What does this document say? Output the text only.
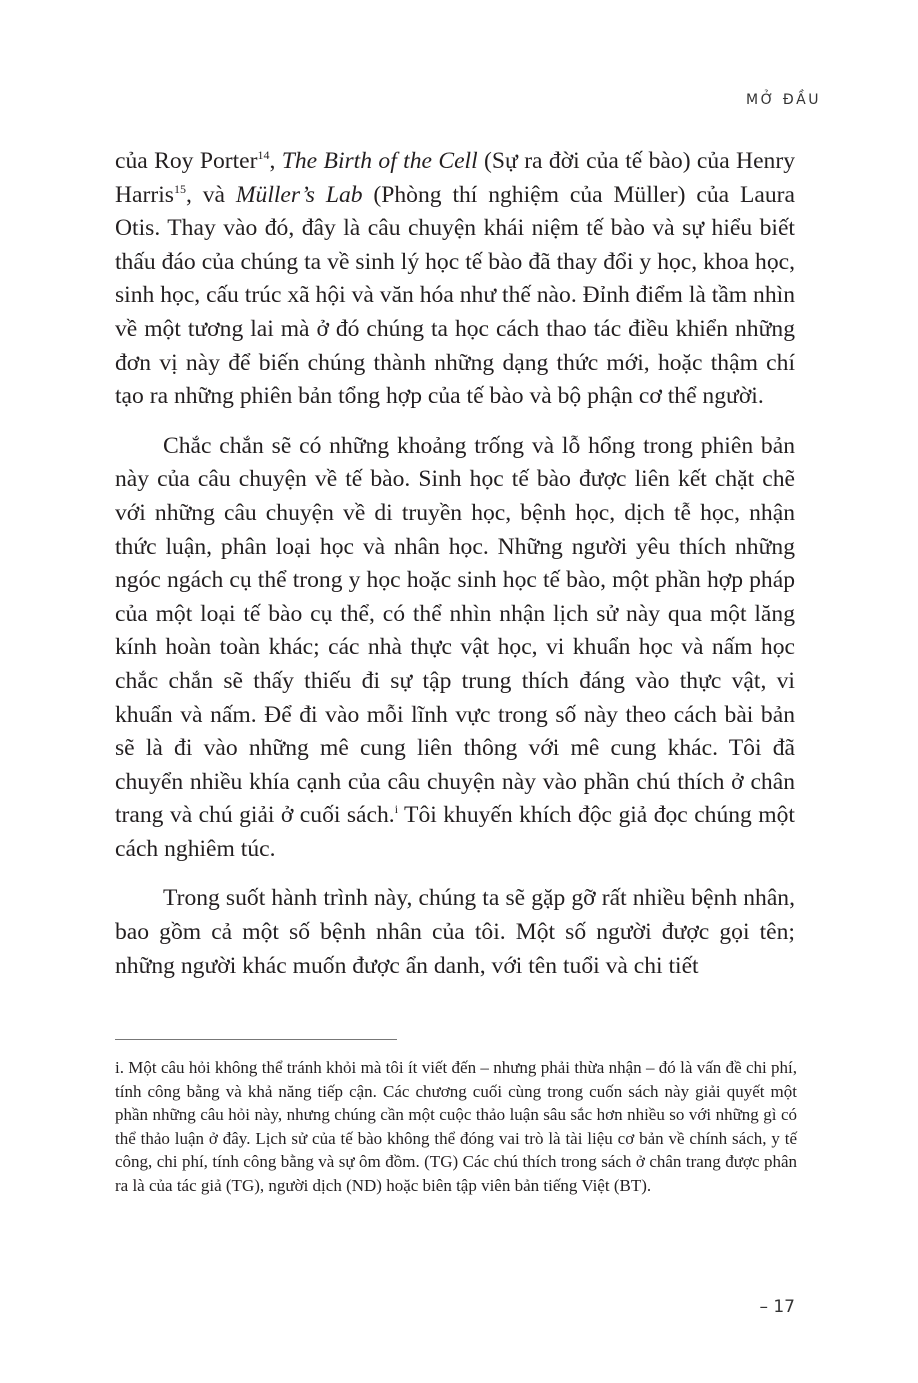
MỞ ĐẦU

của Roy Porter$^{14}$, The Birth of the Cell (Sự ra đời của tế bào) của Henry Harris$^{15}$, và Müller’s Lab (Phòng thí nghiệm của Müller) của Laura Otis. Thay vào đó, đây là câu chuyện khái niệm tế bào và sự hiểu biết thấu đáo của chúng ta về sinh lý học tế bào đã thay đổi y học, khoa học, sinh học, cấu trúc xã hội và văn hóa như thế nào. Đỉnh điểm là tầm nhìn về một tương lai mà ở đó chúng ta học cách thao tác điều khiển những đơn vị này để biến chúng thành những dạng thức mới, hoặc thậm chí tạo ra những phiên bản tổng hợp của tế bào và bộ phận cơ thể người.

Chắc chắn sẽ có những khoảng trống và lỗ hổng trong phiên bản này của câu chuyện về tế bào. Sinh học tế bào được liên kết chặt chẽ với những câu chuyện về di truyền học, bệnh học, dịch tễ học, nhận thức luận, phân loại học và nhân học. Những người yêu thích những ngóc ngách cụ thể trong y học hoặc sinh học tế bào, một phần hợp pháp của một loại tế bào cụ thể, có thể nhìn nhận lịch sử này qua một lăng kính hoàn toàn khác; các nhà thực vật học, vi khuẩn học và nấm học chắc chắn sẽ thấy thiếu đi sự tập trung thích đáng vào thực vật, vi khuẩn và nấm. Để đi vào mỗi lĩnh vực trong số này theo cách bài bản sẽ là đi vào những mê cung liên thông với mê cung khác. Tôi đã chuyển nhiều khía cạnh của câu chuyện này vào phần chú thích ở chân trang và chú giải ở cuối sách.$^i$ Tôi khuyến khích độc giả đọc chúng một cách nghiêm túc.

Trong suốt hành trình này, chúng ta sẽ gặp gỡ rất nhiều bệnh nhân, bao gồm cả một số bệnh nhân của tôi. Một số người được gọi tên; những người khác muốn được ẩn danh, với tên tuổi và chi tiết

i. Một câu hỏi không thể tránh khỏi mà tôi ít viết đến – nhưng phải thừa nhận – đó là vấn đề chi phí, tính công bằng và khả năng tiếp cận. Các chương cuối cùng trong cuốn sách này giải quyết một phần những câu hỏi này, nhưng chúng cần một cuộc thảo luận sâu sắc hơn nhiều so với những gì có thể thảo luận ở đây. Lịch sử của tế bào không thể đóng vai trò là tài liệu cơ bản về chính sách, y tế công, chi phí, tính công bằng và sự ôm đồm. (TG) Các chú thích trong sách ở chân trang được phân ra là của tác giả (TG), người dịch (ND) hoặc biên tập viên bản tiếng Việt (BT).
– 17
